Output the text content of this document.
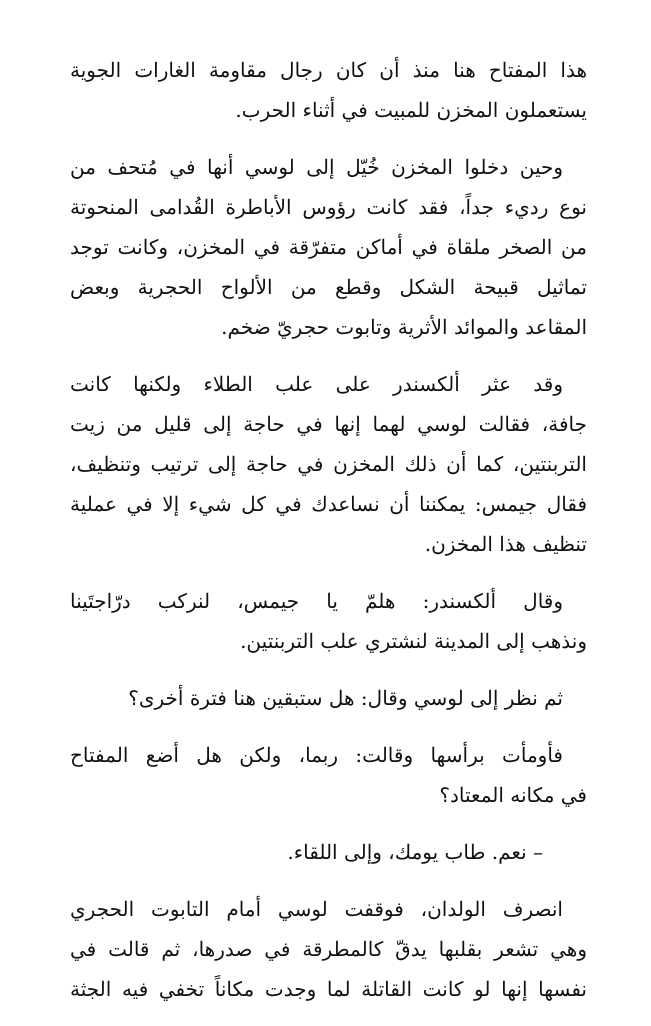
هذا المفتاح هنا منذ أن كان رجال مقاومة الغارات الجوية
يستعملون المخزن للمبيت في أثناء الحرب.

وحين دخلوا المخزن خُيّل إلى لوسي أنها في مُتحف من
نوع رديء جداً، فقد كانت رؤوس الأباطرة القُدامى المنحوتة
من الصخر ملقاة في أماكن متفرّقة في المخزن، وكانت توجد
تماثيل قبيحة الشكل وقطع من الألواح الحجرية وبعض
المقاعد والموائد الأثرية وتابوت حجريّ ضخم.

وقد عثر ألكسندر على علب الطلاء ولكنها كانت
جافة، فقالت لوسي لهما إنها في حاجة إلى قليل من زيت
التربنتين، كما أن ذلك المخزن في حاجة إلى ترتيب وتنظيف،
فقال جيمس: يمكننا أن نساعدك في كل شيء إلا في عملية
تنظيف هذا المخزن.

وقال ألكسندر: هلمّ يا جيمس، لنركب درّاجتَينا
ونذهب إلى المدينة لنشتري علب التربنتين.

ثم نظر إلى لوسي وقال: هل ستبقين هنا فترة أخرى؟

فأومأت برأسها وقالت: ربما، ولكن هل أضع المفتاح
في مكانه المعتاد؟

– نعم. طاب يومك، وإلى اللقاء.

انصرف الولدان، فوقفت لوسي أمام التابوت الحجري
وهي تشعر بقلبها يدقّ كالمطرقة في صدرها، ثم قالت في
نفسها إنها لو كانت القاتلة لما وجدت مكاناً تخفي فيه الجثة
